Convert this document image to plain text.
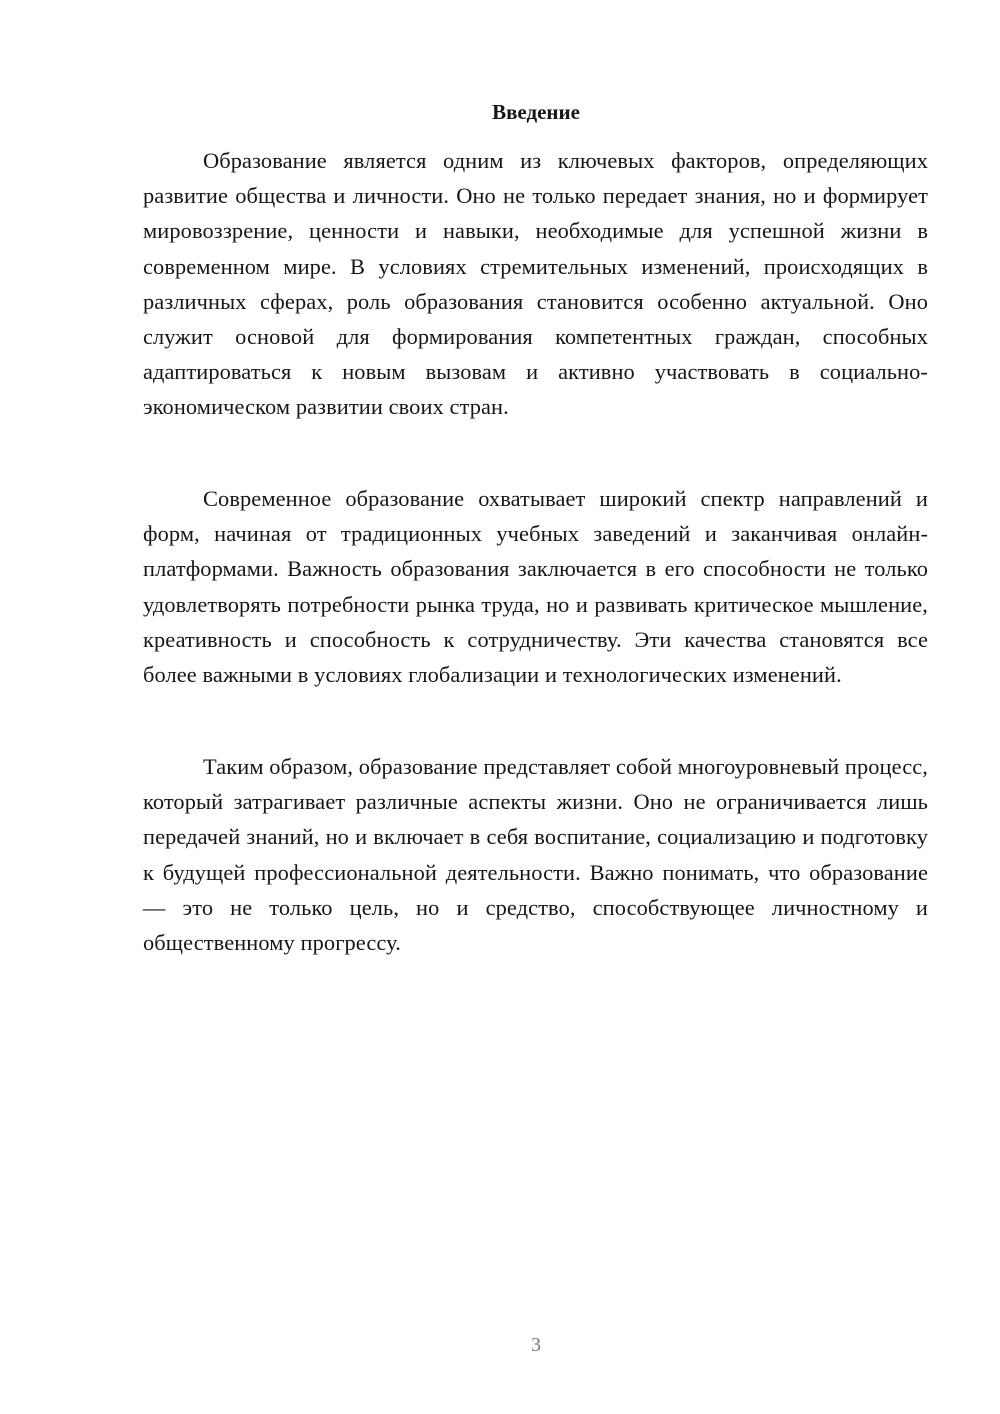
Введение

Образование является одним из ключевых факторов, определяющих развитие общества и личности. Оно не только передает знания, но и формирует мировоззрение, ценности и навыки, необходимые для успешной жизни в современном мире. В условиях стремительных изменений, происходящих в различных сферах, роль образования становится особенно актуальной. Оно служит основой для формирования компетентных граждан, способных адаптироваться к новым вызовам и активно участвовать в социально-экономическом развитии своих стран.

Современное образование охватывает широкий спектр направлений и форм, начиная от традиционных учебных заведений и заканчивая онлайн-платформами. Важность образования заключается в его способности не только удовлетворять потребности рынка труда, но и развивать критическое мышление, креативность и способность к сотрудничеству. Эти качества становятся все более важными в условиях глобализации и технологических изменений.

Таким образом, образование представляет собой многоуровневый процесс, который затрагивает различные аспекты жизни. Оно не ограничивается лишь передачей знаний, но и включает в себя воспитание, социализацию и подготовку к будущей профессиональной деятельности. Важно понимать, что образование — это не только цель, но и средство, способствующее личностному и общественному прогрессу.

3
